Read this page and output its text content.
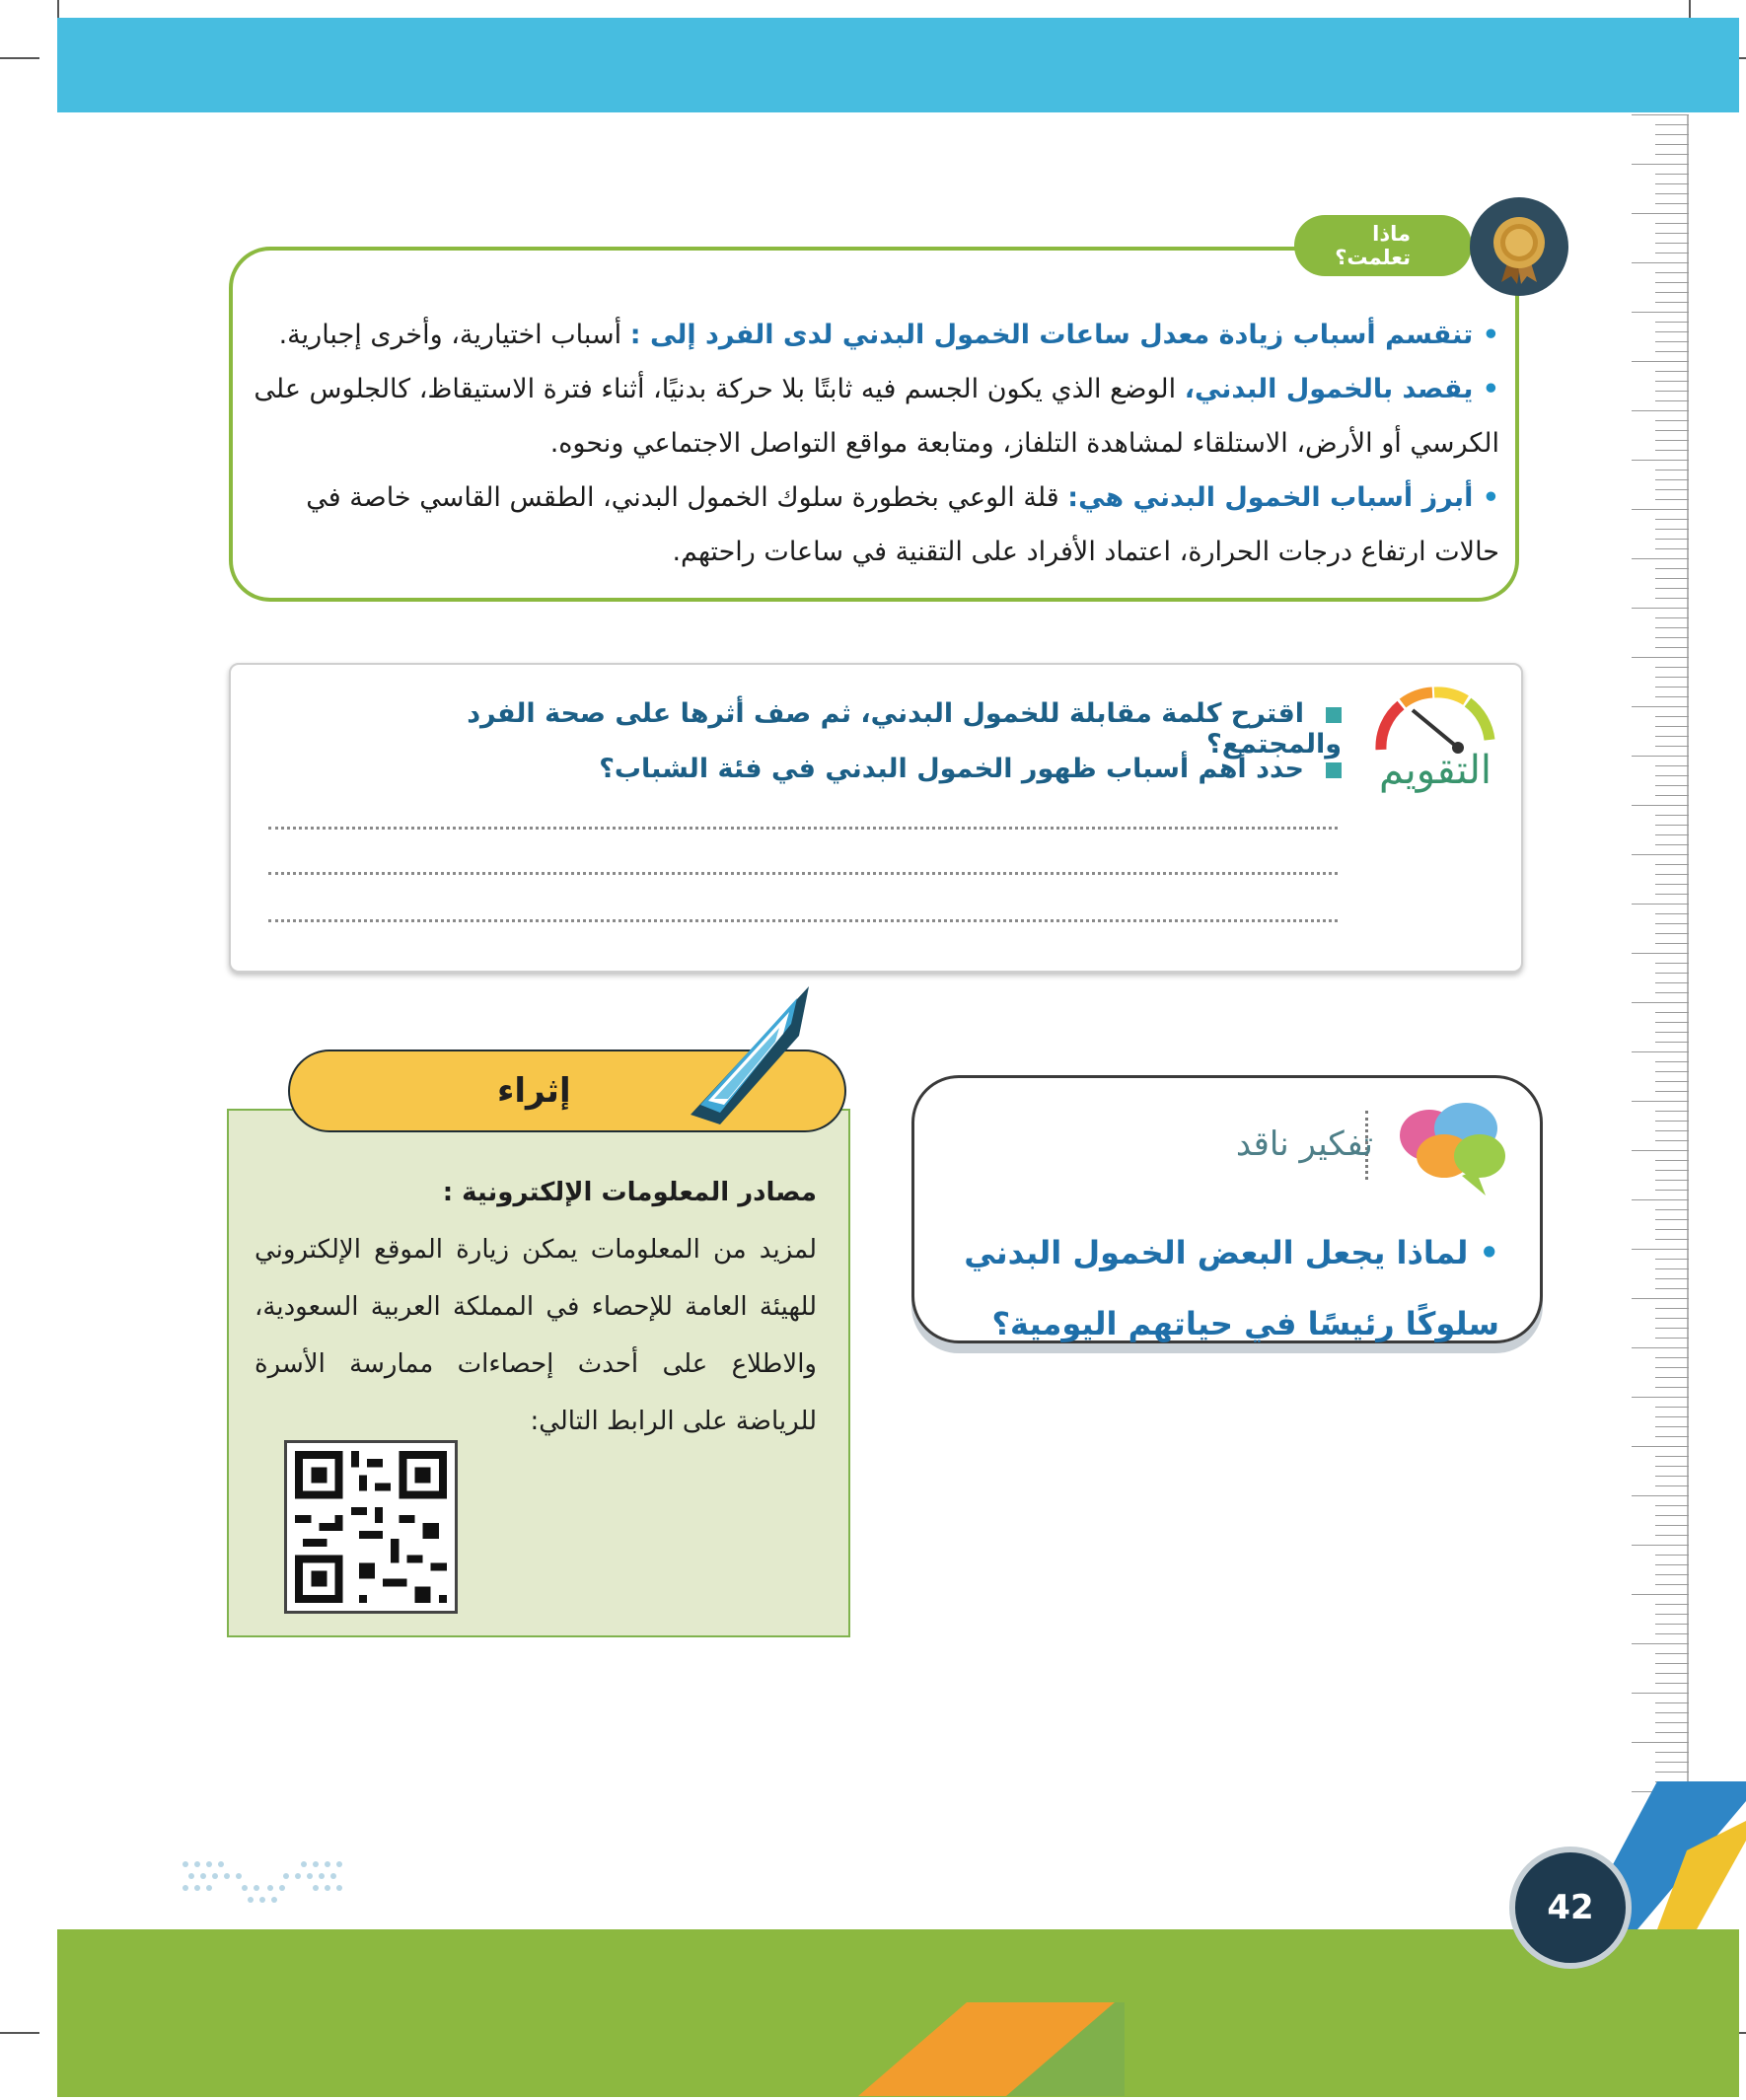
ماذا تعلمت؟

• تنقسم أسباب زيادة معدل ساعات الخمول البدني لدى الفرد إلى : أسباب اختيارية، وأخرى إجبارية.

• يقصد بالخمول البدني، الوضع الذي يكون الجسم فيه ثابتًا بلا حركة بدنيًا، أثناء فترة الاستيقاظ، كالجلوس على الكرسي أو الأرض، الاستلقاء لمشاهدة التلفاز، ومتابعة مواقع التواصل الاجتماعي ونحوه.

• أبرز أسباب الخمول البدني هي: قلة الوعي بخطورة سلوك الخمول البدني، الطقس القاسي خاصة في حالات ارتفاع درجات الحرارة، اعتماد الأفراد على التقنية في ساعات راحتهم.

التقويم
اقترح كلمة مقابلة للخمول البدني، ثم صف أثرها على صحة الفرد والمجتمع؟
حدد أهم أسباب ظهور الخمول البدني في فئة الشباب؟
إثراء
مصادر المعلومات الإلكترونية :
لمزيد من المعلومات يمكن زيارة الموقع الإلكتروني للهيئة العامة للإحصاء في المملكة العربية السعودية، والاطلاع على أحدث إحصاءات ممارسة الأسرة للرياضة على الرابط التالي:
تفكير ناقد
• لماذا يجعل البعض الخمول البدني سلوكًا رئيسًا في حياتهم اليومية؟
42
